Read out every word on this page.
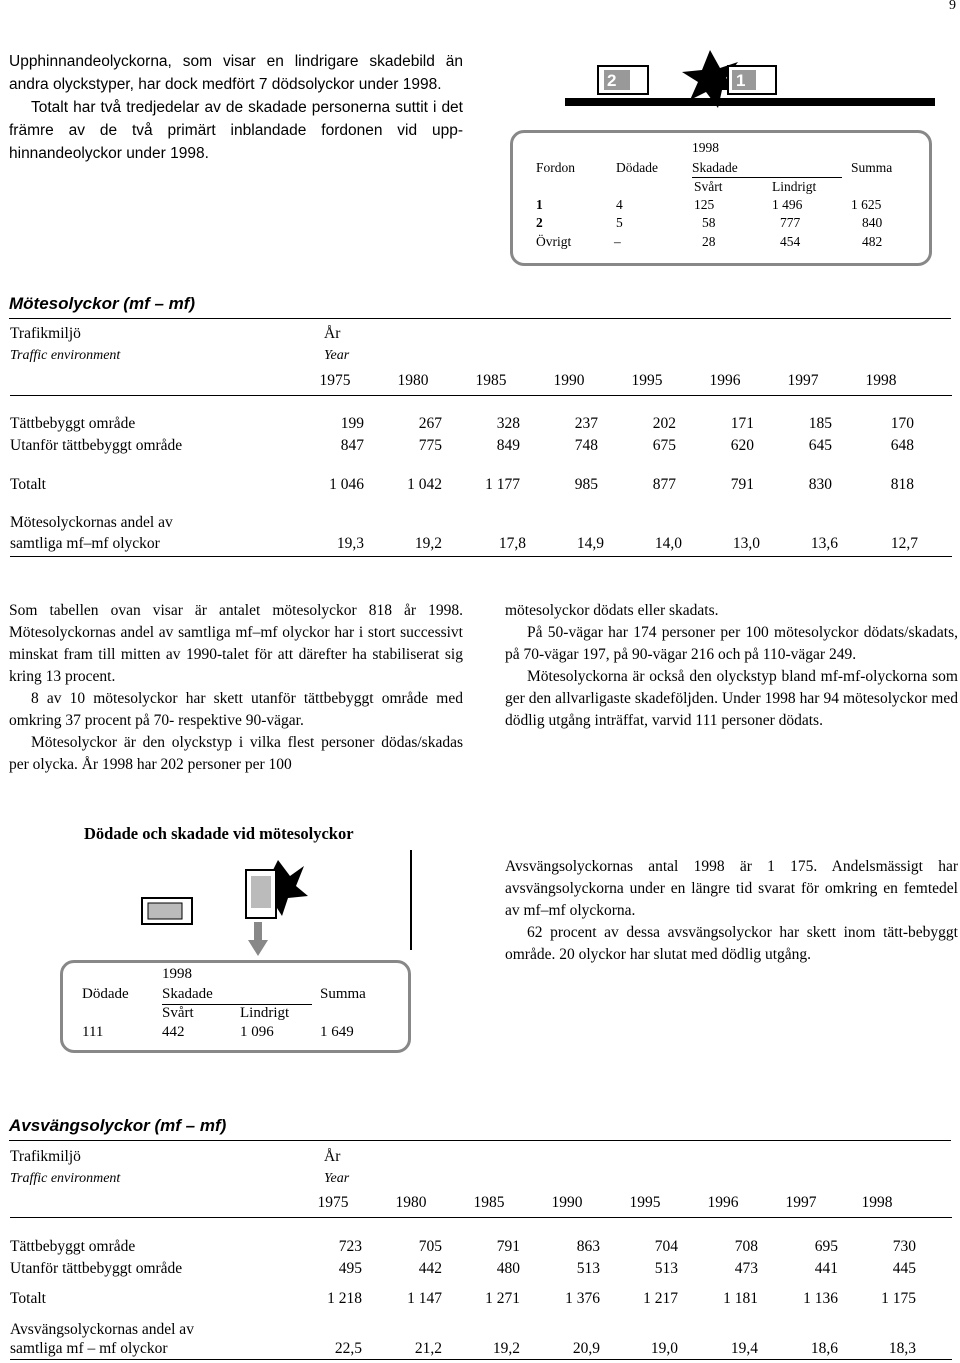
9

Upphinnandeolyckorna, som visar en lindrigare skadebild än andra olyckstyper, har dock medfört 7 dödsolyckor under 1998.

Totalt har två tredjedelar av de skadade personerna suttit i det främre av de två primärt inblandade fordonen vid upp-hinnandeolyckor under 1998.

2	1
1998
Fordon	Dödade	Skadade	Summa
Svårt	Lindrigt
1	4	125	1 496	1 625
2	5	58	777	840
Övrigt	–	28	454	482
Mötesolyckor (mf – mf)
Trafikmiljö	År
Traffic environment	Year
1975	1980	1985	1990	1995	1996	1997	1998
Tättbebyggt område	199	267	328	237	202	171	185	170
Utanför tättbebyggt område	847	775	849	748	675	620	645	648
Totalt	1 046	1 042	1 177	985	877	791	830	818
Mötesolyckornas andel av
samtliga mf–mf olyckor	19,3	19,2	17,8	14,9	14,0	13,0	13,6	12,7

Som tabellen ovan visar är antalet mötesolyckor 818 år 1998. Mötesolyckornas andel av samtliga mf–mf olyckor har i stort successivt minskat fram till mitten av 1990-talet för att därefter ha stabiliserat sig kring 13 procent.

8 av 10 mötesolyckor har skett utanför tättbebyggt område med omkring 37 procent på 70- respektive 90-vägar.

Mötesolyckor är den olyckstyp i vilka flest personer dödas/skadas per olycka. År 1998 har 202 personer per 100

mötesolyckor dödats eller skadats.

På 50-vägar har 174 personer per 100 mötesolyckor dödats/skadats, på 70-vägar 197, på 90-vägar 216 och på 110-vägar 249.

Mötesolyckorna är också den olyckstyp bland mf-mf-olyckorna som ger den allvarligaste skadeföljden. Under 1998 har 94 mötesolyckor med dödlig utgång inträffat, varvid 111 personer dödats.

Dödade och skadade vid mötesolyckor
1998
Dödade Skadade	Summa
Svårt	Lindrigt
111	442	1 096	1 649

Avsvängsolyckornas antal 1998 är 1 175. Andelsmässigt har avsvängsolyckorna under en längre tid svarat för omkring en femtedel av mf–mf olyckorna.

62 procent av dessa avsvängsolyckor har skett inom tätt-bebyggt område. 20 olyckor har slutat med dödlig utgång.

Avsvängsolyckor (mf – mf)
Trafikmiljö	År
Traffic environment	Year
1975	1980	1985	1990	1995	1996	1997	1998
Tättbebyggt område	723	705	791	863	704	708	695	730
Utanför tättbebyggt område	495	442	480	513	513	473	441	445
Totalt	1 218	1 147	1 271	1 376	1 217	1 181	1 136	1 175
Avsvängsolyckornas andel av
samtliga mf – mf olyckor	22,5	21,2	19,2	20,9	19,0	19,4	18,6	18,3
